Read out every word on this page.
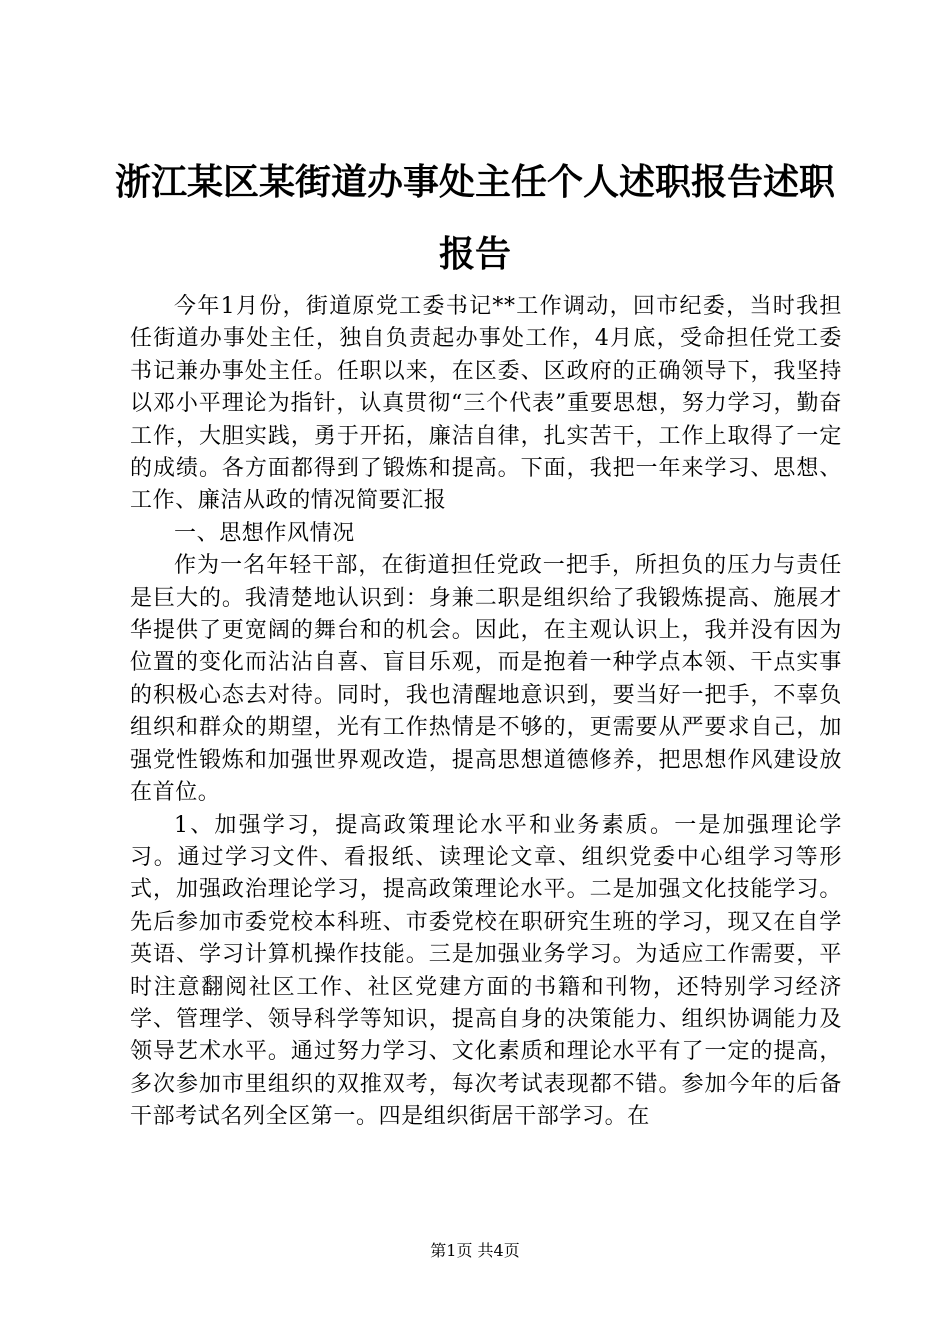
浙江某区某街道办事处主任个人述职报告述职报告

今年1月份，街道原党工委书记**工作调动，回市纪委，当时我担任街道办事处主任，独自负责起办事处工作，4月底，受命担任党工委书记兼办事处主任。任职以来，在区委、区政府的正确领导下，我坚持以邓小平理论为指针，认真贯彻“三个代表”重要思想，努力学习，勤奋工作，大胆实践，勇于开拓，廉洁自律，扎实苦干，工作上取得了一定的成绩。各方面都得到了锻炼和提高。下面，我把一年来学习、思想、工作、廉洁从政的情况简要汇报

一、思想作风情况

作为一名年轻干部，在街道担任党政一把手，所担负的压力与责任是巨大的。我清楚地认识到：身兼二职是组织给了我锻炼提高、施展才华提供了更宽阔的舞台和的机会。因此，在主观认识上，我并没有因为位置的变化而沾沾自喜、盲目乐观，而是抱着一种学点本领、干点实事的积极心态去对待。同时，我也清醒地意识到，要当好一把手，不辜负组织和群众的期望，光有工作热情是不够的，更需要从严要求自己，加强党性锻炼和加强世界观改造，提高思想道德修养，把思想作风建设放在首位。

1、加强学习，提高政策理论水平和业务素质。一是加强理论学习。通过学习文件、看报纸、读理论文章、组织党委中心组学习等形式，加强政治理论学习，提高政策理论水平。二是加强文化技能学习。先后参加市委党校本科班、市委党校在职研究生班的学习，现又在自学英语、学习计算机操作技能。三是加强业务学习。为适应工作需要，平时注意翻阅社区工作、社区党建方面的书籍和刊物，还特别学习经济学、管理学、领导科学等知识，提高自身的决策能力、组织协调能力及领导艺术水平。通过努力学习、文化素质和理论水平有了一定的提高，多次参加市里组织的双推双考，每次考试表现都不错。参加今年的后备干部考试名列全区第一。四是组织街居干部学习。在

第1页 共4页
